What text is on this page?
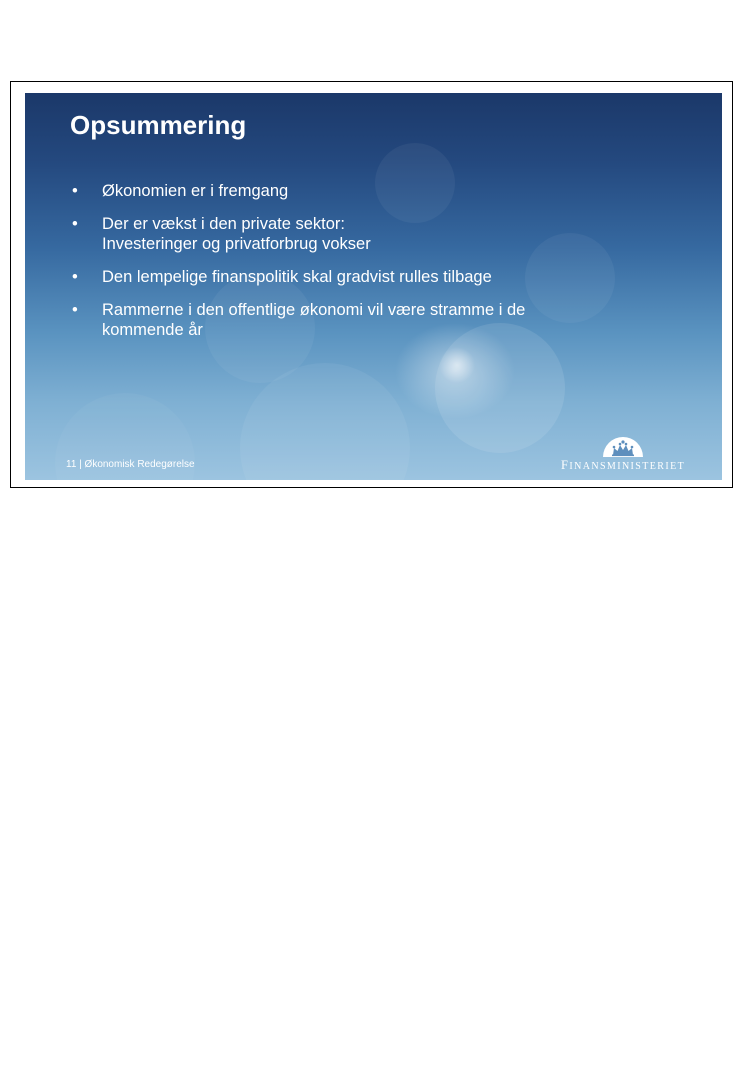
Opsummering
• Økonomien er i fremgang
• Der er vækst i den private sektor:
Investeringer og privatforbrug vokser
• Den lempelige finanspolitik skal gradvist rulles tilbage
• Rammerne i den offentlige økonomi vil være stramme i de
kommende år
11 | Økonomisk Redegørelse	FINANSMINISTERIET
